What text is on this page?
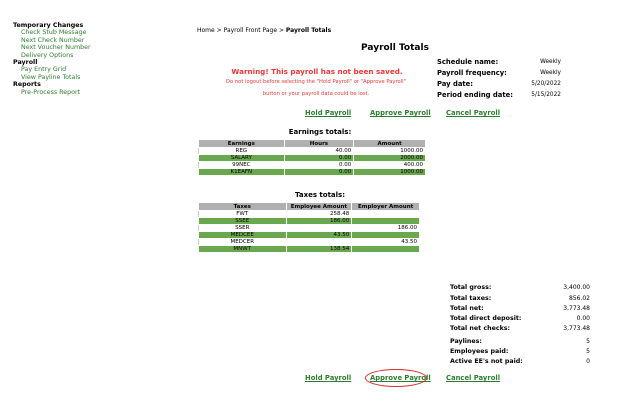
Temporary Changes
Check Stub Message
Next Check Number
Next Voucher Number
Delivery Options
Payroll
Pay Entry Grid
View Payline Totals
Reports
Pre-Process Report
Home > Payroll Front Page > Payroll Totals
Payroll Totals
Warning! This payroll has not been saved.
Do not logout before selecting the "Hold Payroll" or "Approve Payroll"
button or your payroll data could be lost.
Schedule name:	Weekly
Payroll frequency:	Weekly
Pay date:	5/20/2022
Period ending date:	5/15/2022
Hold Payroll	Approve Payroll Cancel Payroll
Earnings totals:
Earnings	Hours	Amount
REG	40.00	1000.00
SALARY	0.00	2000.00
99NEC	0.00	400.00
K1EAFN	0.00	1000.00
Taxes totals:
Taxes	Employee Amount	Employer Amount
FWT	258.48	
SSEE	186.00	
SSER		186.00
MEDCEE	43.50	
MEDCER		43.50
MNWT	138.54	
Total gross:	3,400.00
Total taxes:	856.02
Total net:	3,773.48
Total direct deposit:	0.00
Total net checks:	3,773.48
Paylines:	5
Employees paid:	5
Active EE's not paid:	0
Hold Payroll	Approve Payroll Cancel Payroll
